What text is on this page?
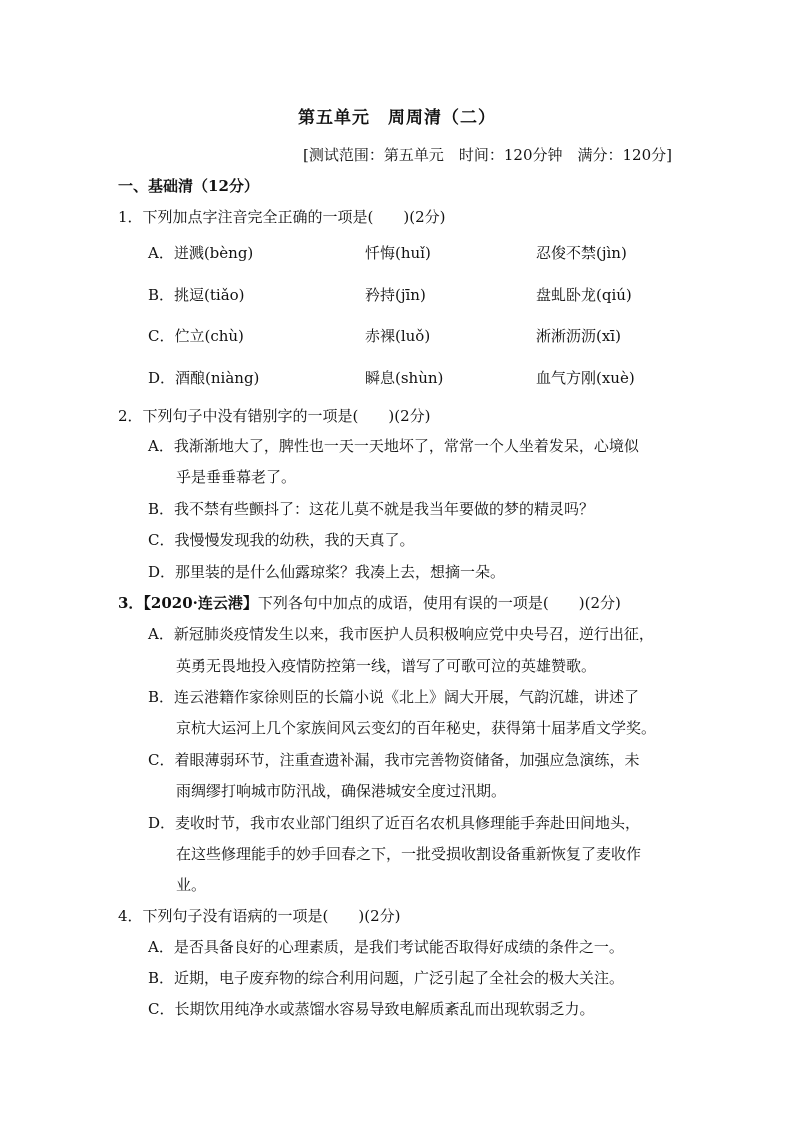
第五单元　周周清（二）
[测试范围：第五单元　时间：120分钟　满分：120分]
一、基础清（12分）
1．下列加点字注音完全正确的一项是(　　)(2分)
A．迸溅(bèng)	忏悔(huǐ)	忍俊不禁(jìn)
B．挑逗(tiǎo)	矜持(jīn)	盘虬卧龙(qiú)
C．伫立(chù)	赤裸(luǒ)	淅淅沥沥(xī)
D．酒酿(niàng)	瞬息(shùn)	血气方刚(xuè)
2．下列句子中没有错别字的一项是(　　)(2分)
A．我渐渐地大了，脾性也一天一天地坏了，常常一个人坐着发呆，心境似
乎是垂垂幕老了。
B．我不禁有些颤抖了：这花儿莫不就是我当年要做的梦的精灵吗？
C．我慢慢发现我的幼秩，我的天真了。
D．那里装的是什么仙露琼桨？我凑上去，想摘一朵。
3．【2020·连云港】下列各句中加点的成语，使用有误的一项是(　　)(2分)
A．新冠肺炎疫情发生以来，我市医护人员积极响应党中央号召，逆行出征，
英勇无畏地投入疫情防控第一线，谱写了可歌可泣的英雄赞歌。
B．连云港籍作家徐则臣的长篇小说《北上》阔大开展，气韵沉雄，讲述了
京杭大运河上几个家族间风云变幻的百年秘史，获得第十届茅盾文学奖。
C．着眼薄弱环节，注重查遗补漏，我市完善物资储备，加强应急演练，未
雨绸缪打响城市防汛战，确保港城安全度过汛期。
D．麦收时节，我市农业部门组织了近百名农机具修理能手奔赴田间地头，
在这些修理能手的妙手回春之下，一批受损收割设备重新恢复了麦收作
业。
4．下列句子没有语病的一项是(　　)(2分)
A．是否具备良好的心理素质，是我们考试能否取得好成绩的条件之一。
B．近期，电子废弃物的综合利用问题，广泛引起了全社会的极大关注。
C．长期饮用纯净水或蒸馏水容易导致电解质紊乱而出现软弱乏力。
